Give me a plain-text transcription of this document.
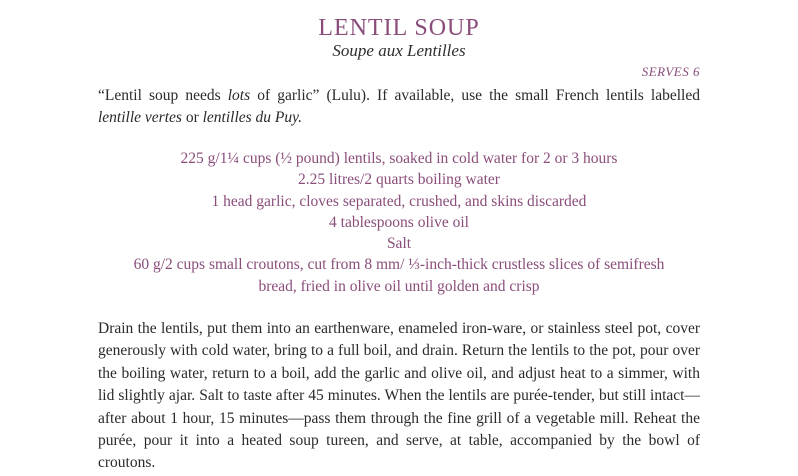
LENTIL SOUP
Soupe aux Lentilles
SERVES 6

“Lentil soup needs lots of garlic” (Lulu). If available, use the small French lentils labelled lentille vertes or lentilles du Puy.

225 g/1¼ cups (½ pound) lentils, soaked in cold water for 2 or 3 hours
2.25 litres/2 quarts boiling water
1 head garlic, cloves separated, crushed, and skins discarded
4 tablespoons olive oil
Salt
60 g/2 cups small croutons, cut from 8 mm/ ⅓-inch-thick crustless slices of semifresh
bread, fried in olive oil until golden and crisp

Drain the lentils, put them into an earthenware, enameled iron-ware, or stainless steel pot, cover generously with cold water, bring to a full boil, and drain. Return the lentils to the pot, pour over the boiling water, return to a boil, add the garlic and olive oil, and adjust heat to a simmer, with lid slightly ajar. Salt to taste after 45 minutes. When the lentils are purée-tender, but still intact—after about 1 hour, 15 minutes—pass them through the fine grill of a vegetable mill. Reheat the purée, pour it into a heated soup tureen, and serve, at table, accompanied by the bowl of croutons.
